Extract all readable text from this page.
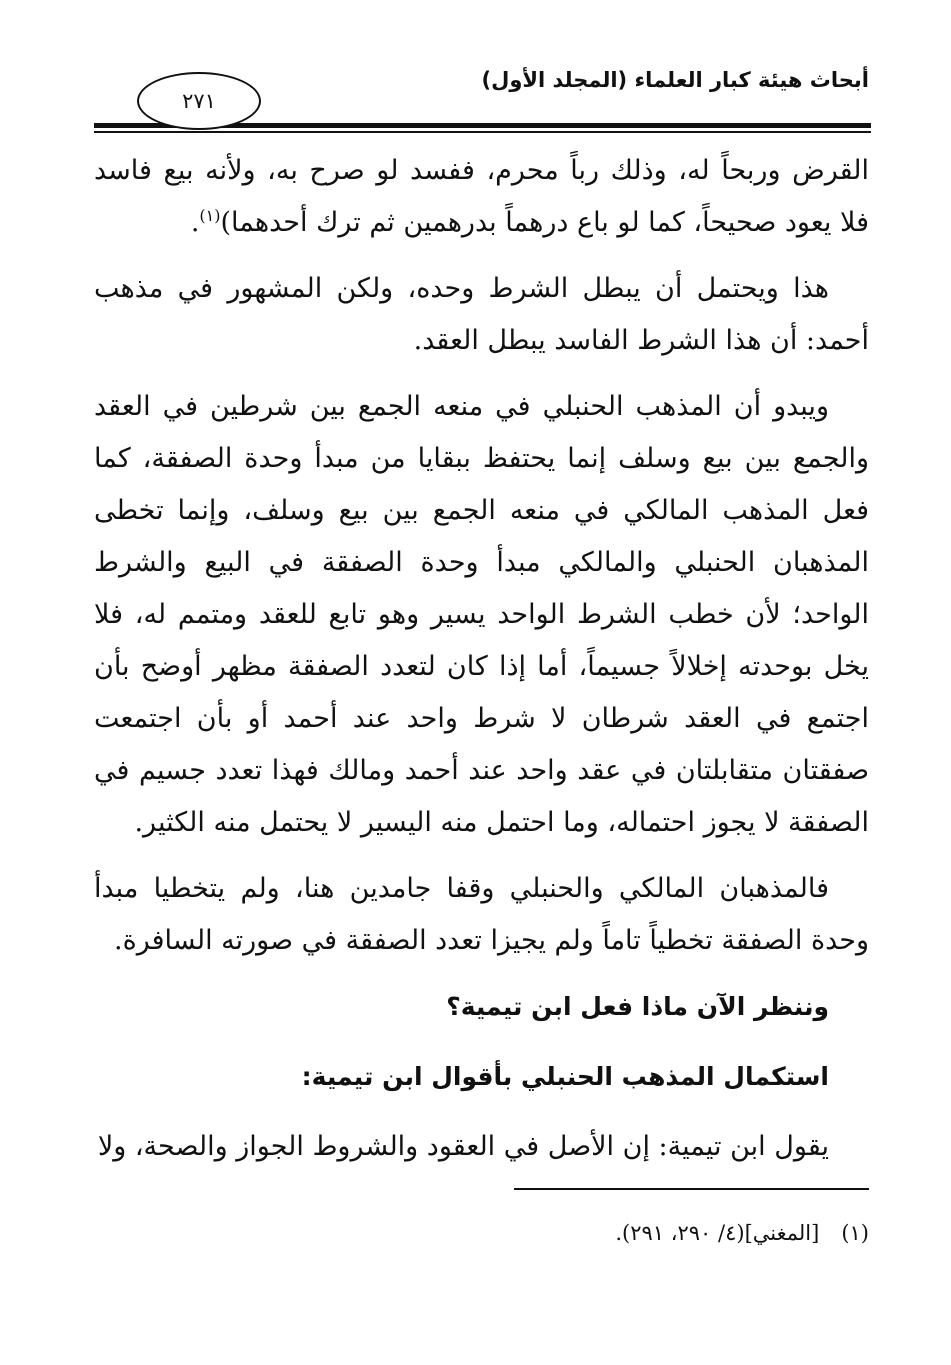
أبحاث هيئة كبار العلماء (المجلد الأول)
٢٧١

القرض وربحاً له، وذلك رباً محرم، ففسد لو صرح به، ولأنه بيع فاسد فلا يعود صحيحاً، كما لو باع درهماً بدرهمين ثم ترك أحدهما)$^{(١)}$.

هذا ويحتمل أن يبطل الشرط وحده، ولكن المشهور في مذهب أحمد: أن هذا الشرط الفاسد يبطل العقد.

ويبدو أن المذهب الحنبلي في منعه الجمع بين شرطين في العقد والجمع بين بيع وسلف إنما يحتفظ ببقايا من مبدأ وحدة الصفقة، كما فعل المذهب المالكي في منعه الجمع بين بيع وسلف، وإنما تخطى المذهبان الحنبلي والمالكي مبدأ وحدة الصفقة في البيع والشرط الواحد؛ لأن خطب الشرط الواحد يسير وهو تابع للعقد ومتمم له، فلا يخل بوحدته إخلالاً جسيماً، أما إذا كان لتعدد الصفقة مظهر أوضح بأن اجتمع في العقد شرطان لا شرط واحد عند أحمد أو بأن اجتمعت صفقتان متقابلتان في عقد واحد عند أحمد ومالك فهذا تعدد جسيم في الصفقة لا يجوز احتماله، وما احتمل منه اليسير لا يحتمل منه الكثير.

فالمذهبان المالكي والحنبلي وقفا جامدين هنا، ولم يتخطيا مبدأ وحدة الصفقة تخطياً تاماً ولم يجيزا تعدد الصفقة في صورته السافرة.

وننظر الآن ماذا فعل ابن تيمية؟

استكمال المذهب الحنبلي بأقوال ابن تيمية:

يقول ابن تيمية: إن الأصل في العقود والشروط الجواز والصحة، ولا

(١)[المغني](٤/ ٢٩٠، ٢٩١).
